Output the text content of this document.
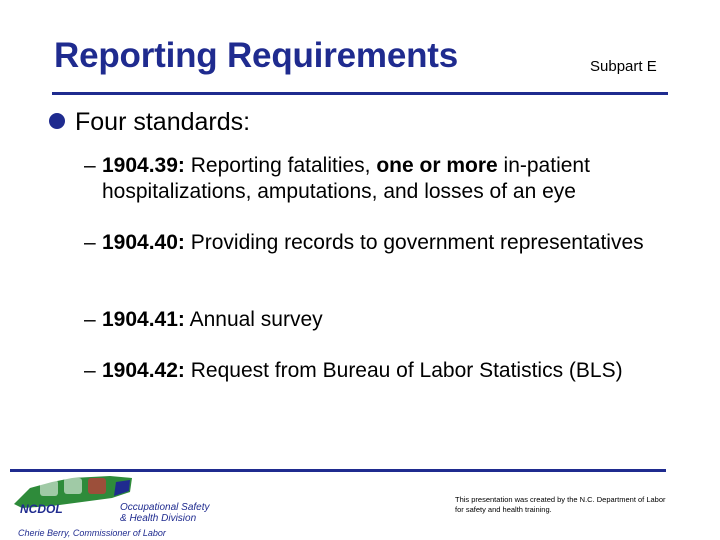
Reporting Requirements	Subpart E
Four standards:
– 1904.39: Reporting fatalities, one or more in-patient hospitalizations, amputations, and losses of an eye
– 1904.40: Providing records to government representatives
– 1904.41: Annual survey
– 1904.42: Request from Bureau of Labor Statistics (BLS)
NCDOL	Occupational Safety
& Health Division
Cherie Berry, Commissioner of Labor
This presentation was created by the N.C. Department of Labor for safety and health training.
